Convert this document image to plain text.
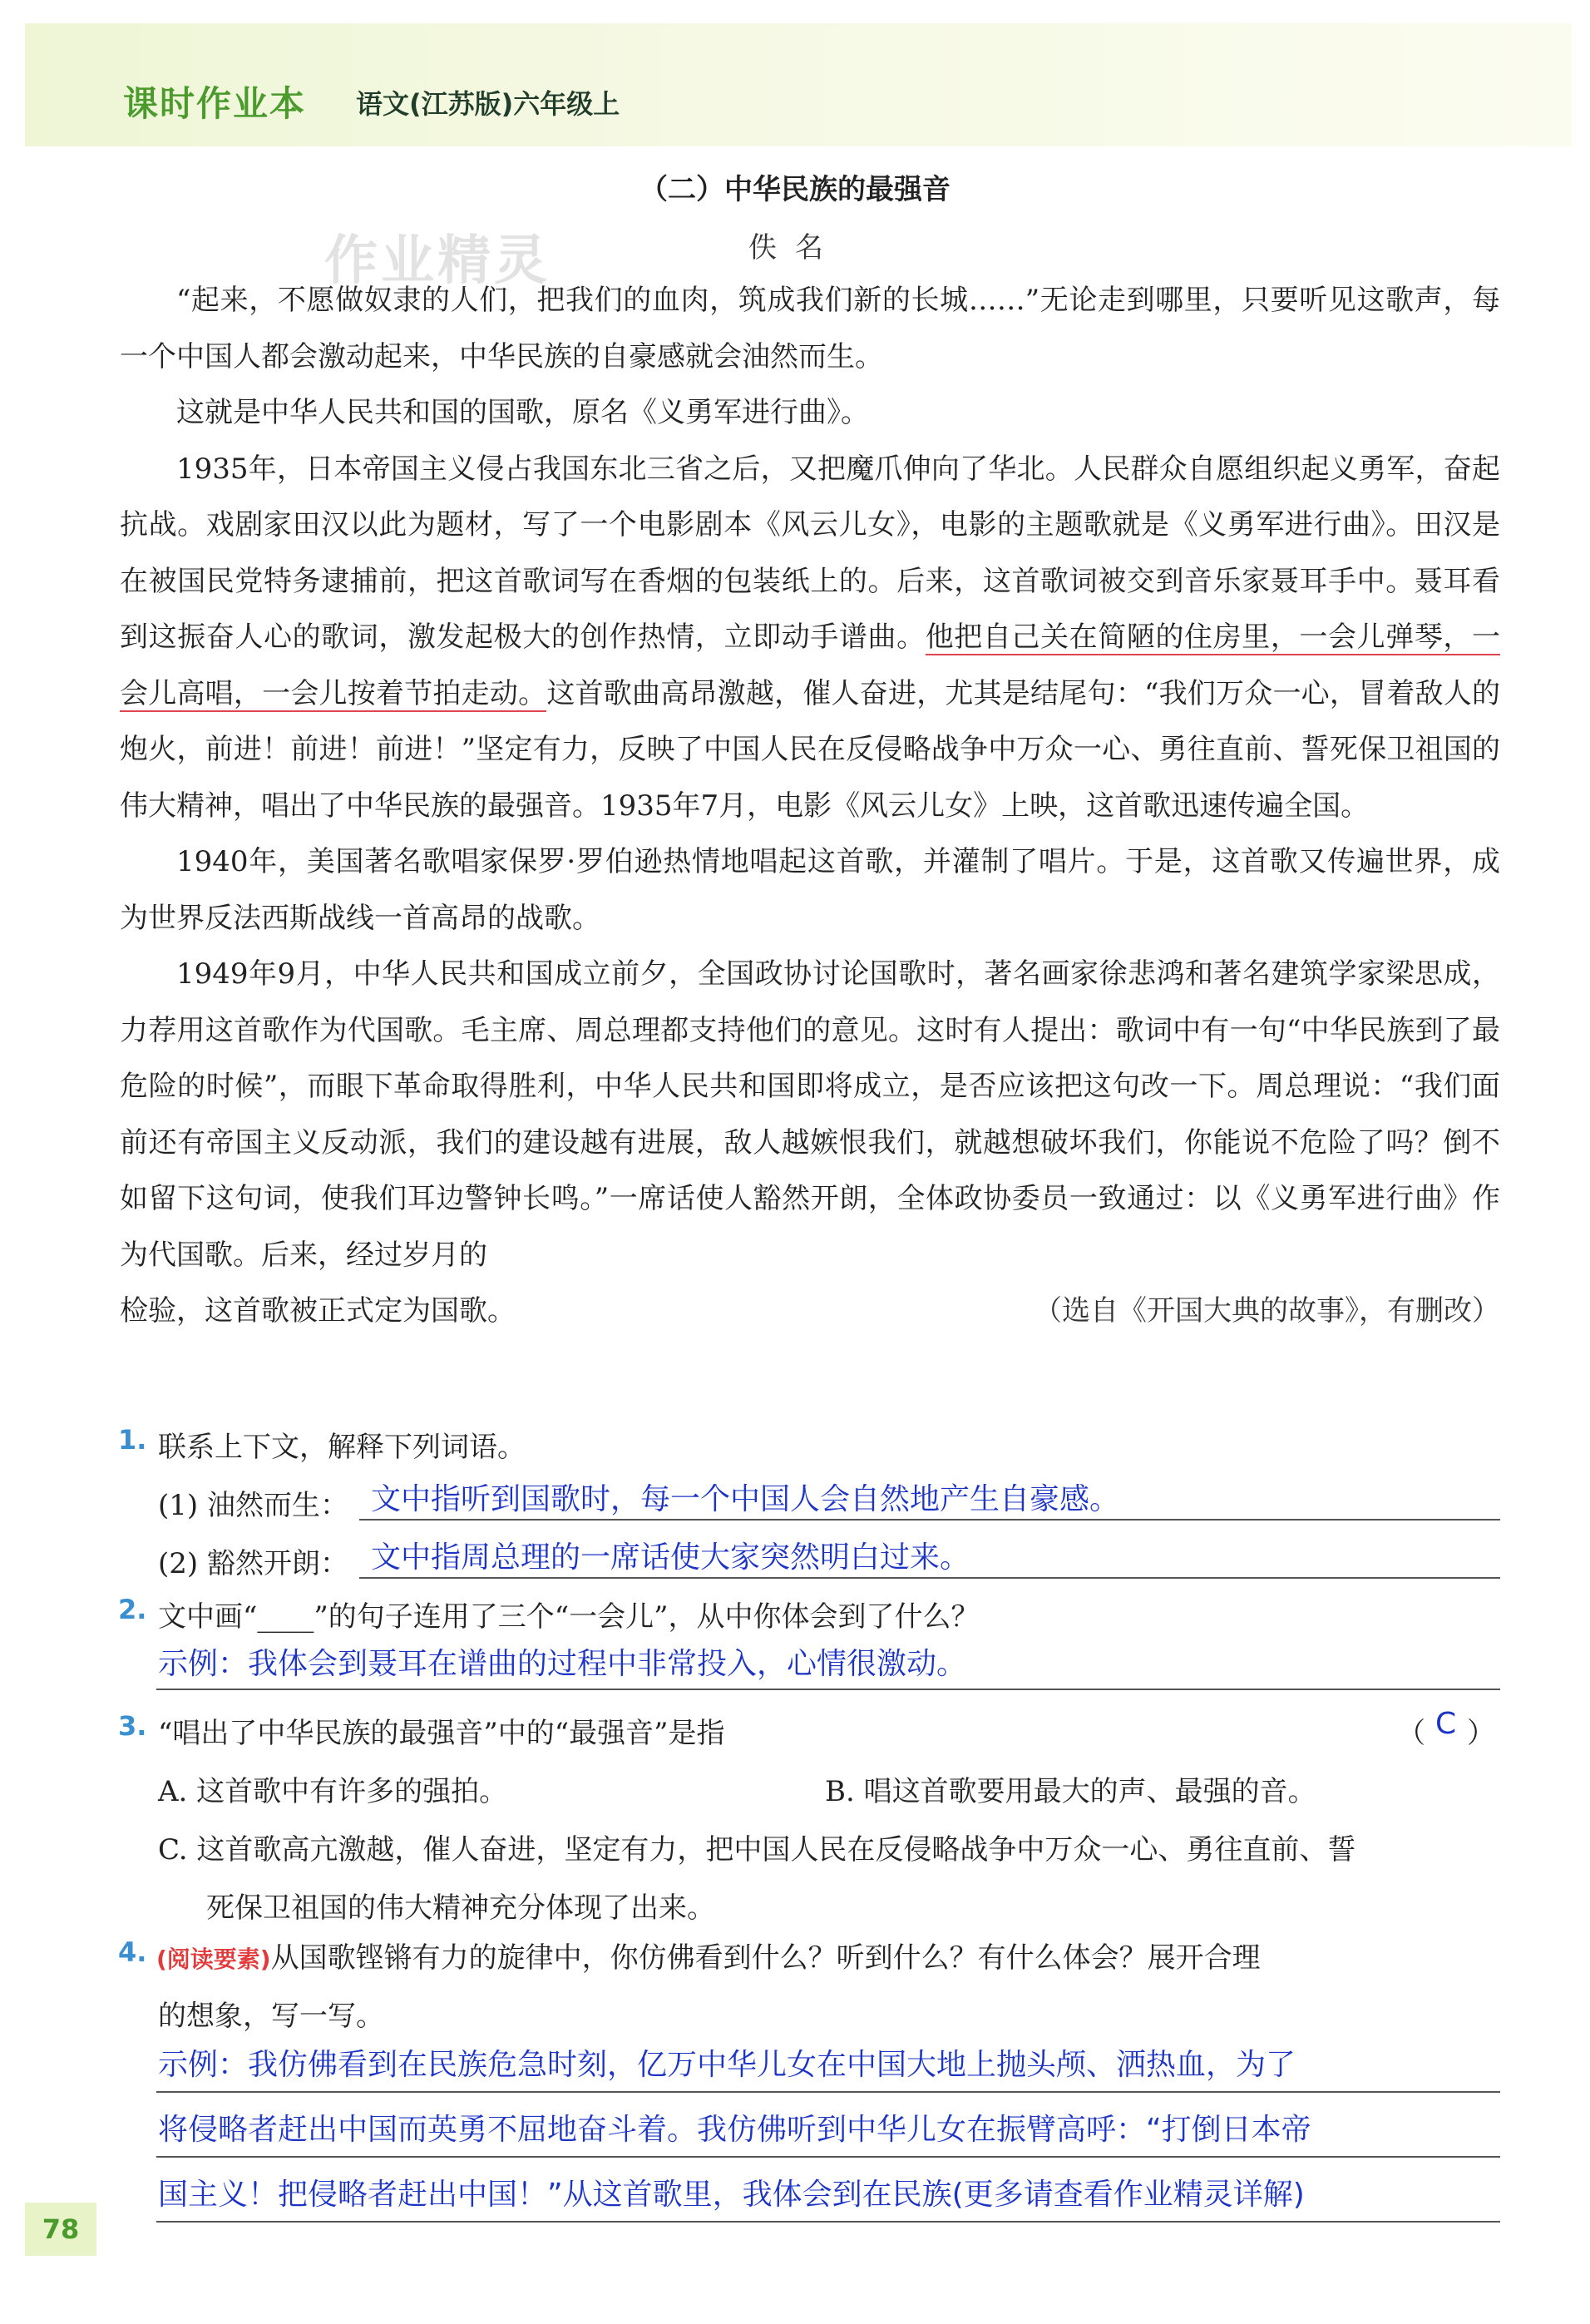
课时作业本 语文(江苏版)六年级上
（二）中华民族的最强音
作业精灵	佚名

“起来，不愿做奴隶的人们，把我们的血肉，筑成我们新的长城……”无论走到哪里，只要听见这歌声，每一个中国人都会激动起来，中华民族的自豪感就会油然而生。

这就是中华人民共和国的国歌，原名《义勇军进行曲》。

1935年，日本帝国主义侵占我国东北三省之后，又把魔爪伸向了华北。人民群众自愿组织起义勇军，奋起抗战。戏剧家田汉以此为题材，写了一个电影剧本《风云儿女》，电影的主题歌就是《义勇军进行曲》。田汉是在被国民党特务逮捕前，把这首歌词写在香烟的包装纸上的。后来，这首歌词被交到音乐家聂耳手中。聂耳看到这振奋人心的歌词，激发起极大的创作热情，立即动手谱曲。他把自己关在简陋的住房里，一会儿弹琴，一会儿高唱，一会儿按着节拍走动。这首歌曲高昂激越，催人奋进，尤其是结尾句：“我们万众一心，冒着敌人的炮火，前进！前进！前进！”坚定有力，反映了中国人民在反侵略战争中万众一心、勇往直前、誓死保卫祖国的伟大精神，唱出了中华民族的最强音。1935年7月，电影《风云儿女》上映，这首歌迅速传遍全国。

1940年，美国著名歌唱家保罗·罗伯逊热情地唱起这首歌，并灌制了唱片。于是，这首歌又传遍世界，成为世界反法西斯战线一首高昂的战歌。

1949年9月，中华人民共和国成立前夕，全国政协讨论国歌时，著名画家徐悲鸿和著名建筑学家梁思成，力荐用这首歌作为代国歌。毛主席、周总理都支持他们的意见。这时有人提出：歌词中有一句“中华民族到了最危险的时候”，而眼下革命取得胜利，中华人民共和国即将成立，是否应该把这句改一下。周总理说：“我们面前还有帝国主义反动派，我们的建设越有进展，敌人越嫉恨我们，就越想破坏我们，你能说不危险了吗？倒不如留下这句词，使我们耳边警钟长鸣。”一席话使人豁然开朗，全体政协委员一致通过：以《义勇军进行曲》作为代国歌。后来，经过岁月的

检验，这首歌被正式定为国歌。	（选自《开国大典的故事》，有删改）
1. 联系上下文，解释下列词语。
(1) 油然而生： 文中指听到国歌时，每一个中国人会自然地产生自豪感。
(2) 豁然开朗： 文中指周总理的一席话使大家突然明白过来。
2. 文中画“____”的句子连用了三个“一会儿”，从中你体会到了什么？
示例：我体会到聂耳在谱曲的过程中非常投入，心情很激动。
3. “唱出了中华民族的最强音”中的“最强音”是指	（ C ）
A. 这首歌中有许多的强拍。	B. 唱这首歌要用最大的声、最强的音。
C. 这首歌高亢激越，催人奋进，坚定有力，把中国人民在反侵略战争中万众一心、勇往直前、誓
死保卫祖国的伟大精神充分体现了出来。
4. (阅读要素)从国歌铿锵有力的旋律中，你仿佛看到什么？听到什么？有什么体会？展开合理
的想象，写一写。
示例：我仿佛看到在民族危急时刻，亿万中华儿女在中国大地上抛头颅、洒热血，为了
将侵略者赶出中国而英勇不屈地奋斗着。我仿佛听到中华儿女在振臂高呼：“打倒日本帝
国主义！把侵略者赶出中国！”从这首歌里，我体会到在民族(更多请查看作业精灵详解)
78
